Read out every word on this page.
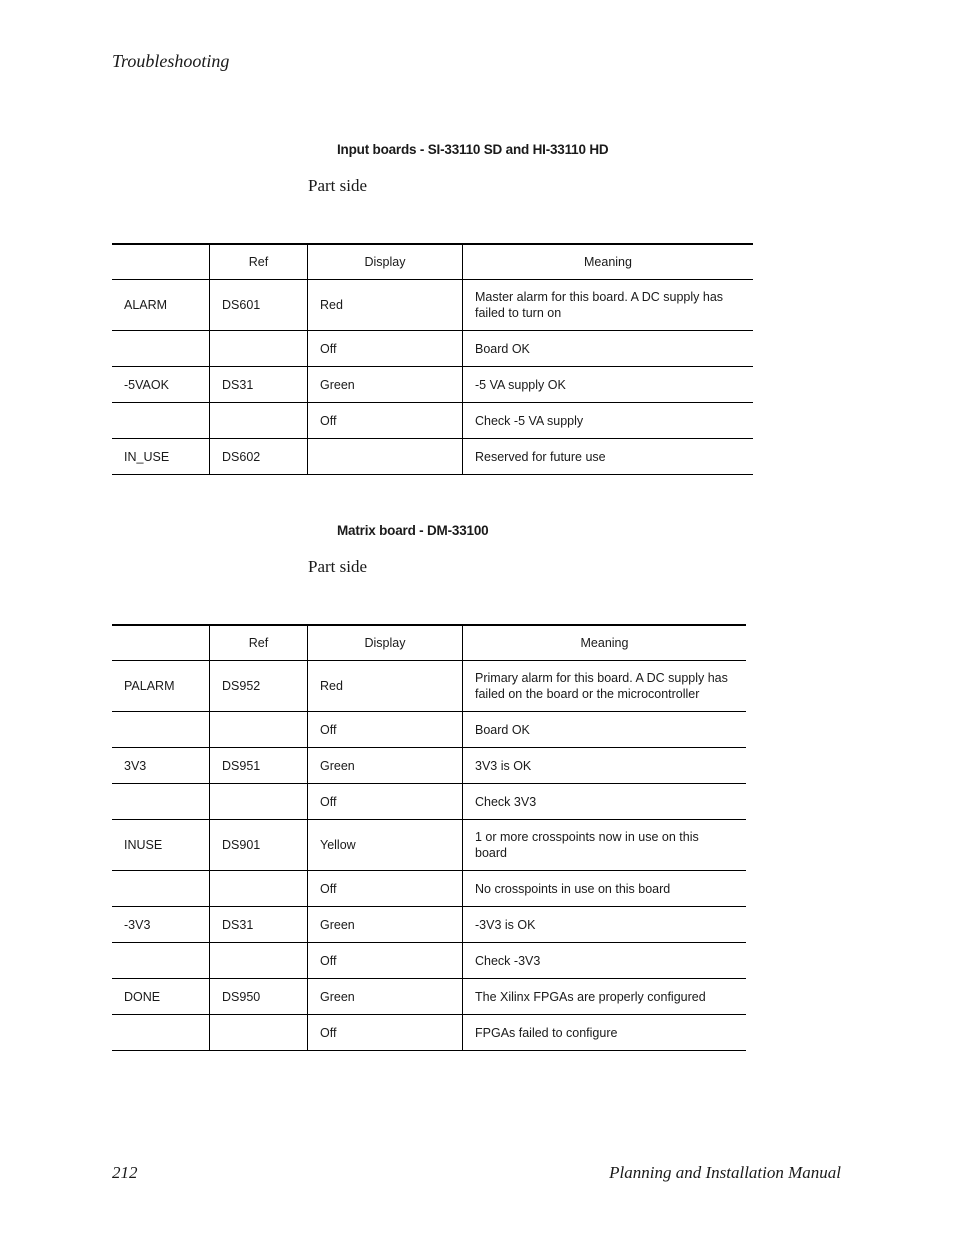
Troubleshooting
Input boards - SI-33110 SD and HI-33110 HD
Part side
	Ref	Display	Meaning
ALARM	DS601	Red	Master alarm for this board. A DC supply has failed to turn on
		Off	Board OK
-5VAOK	DS31	Green	-5 VA supply OK
		Off	Check -5 VA supply
IN_USE	DS602		Reserved for future use
Matrix board - DM-33100
Part side
	Ref	Display	Meaning
PALARM	DS952	Red	Primary alarm for this board. A DC supply has failed on the board or the microcontroller
		Off	Board OK
3V3	DS951	Green	3V3 is OK
		Off	Check 3V3
INUSE	DS901	Yellow	1 or more crosspoints now in use on this board
		Off	No crosspoints in use on this board
-3V3	DS31	Green	-3V3 is OK
		Off	Check -3V3
DONE	DS950	Green	The Xilinx FPGAs are properly configured
		Off	FPGAs failed to configure
212	Planning and Installation Manual
